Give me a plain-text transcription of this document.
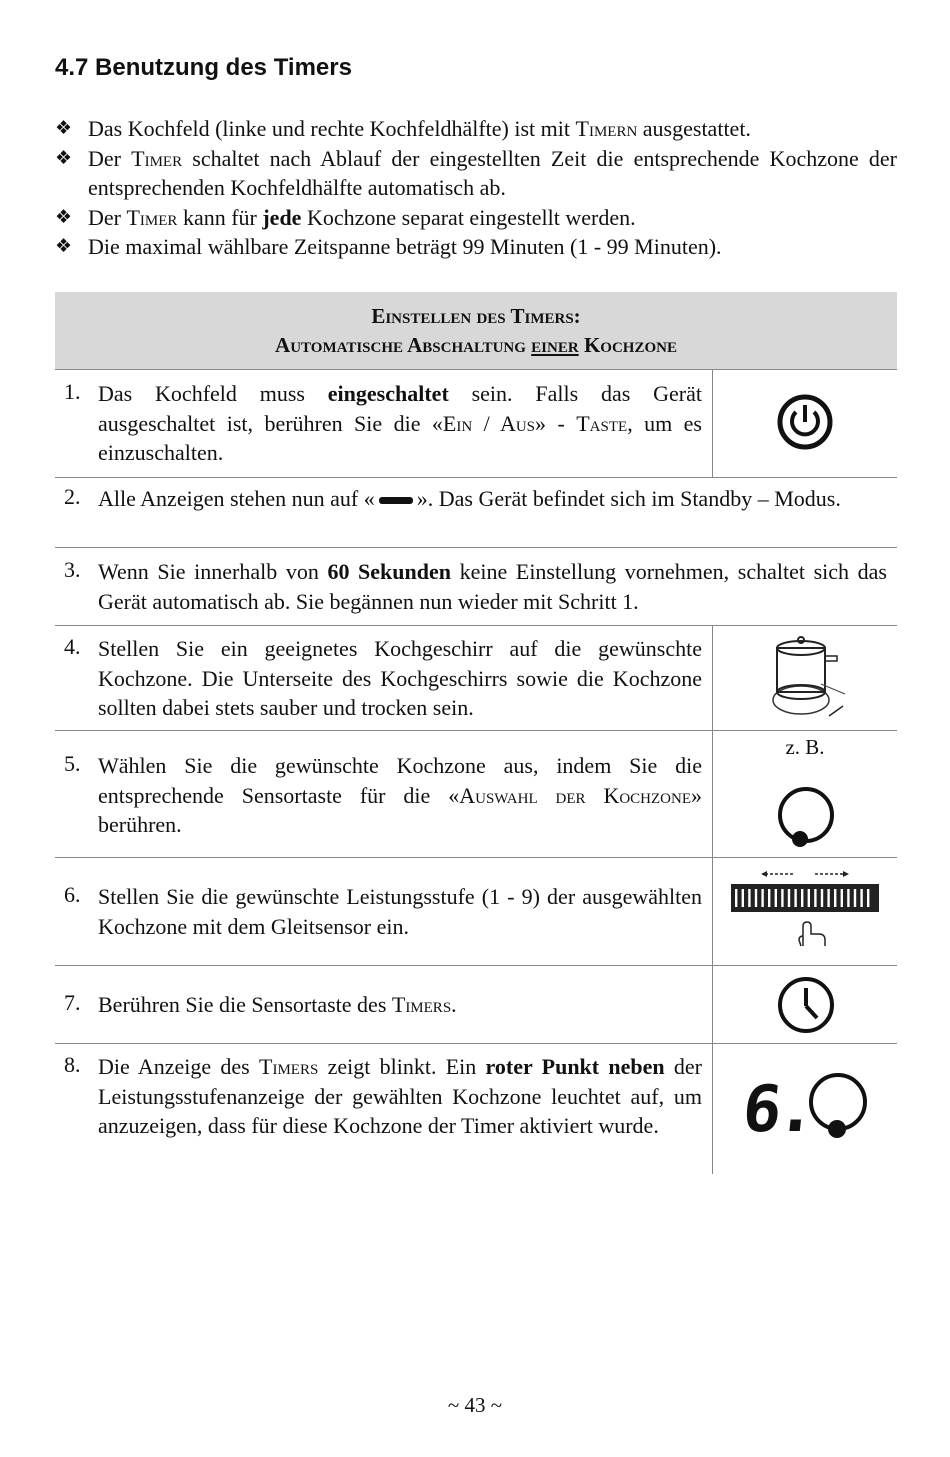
4.7 Benutzung des Timers
❖ Das Kochfeld (linke und rechte Kochfeldhälfte) ist mit Timern ausgestattet.
❖ Der Timer schaltet nach Ablauf der eingestellten Zeit die entsprechende Kochzone der entsprechenden Kochfeldhälfte automatisch ab.
❖ Der Timer kann für jede Kochzone separat eingestellt werden.
❖ Die maximal wählbare Zeitspanne beträgt 99 Minuten (1 - 99 Minuten).
Einstellen des Timers:
Automatische Abschaltung einer Kochzone
1. Das Kochfeld muss eingeschaltet sein. Falls das Gerät ausgeschaltet ist, berühren Sie die «Ein / Aus» - Taste, um es einzuschalten.
2. Alle Anzeigen stehen nun auf « ». Das Gerät befindet sich im Standby – Modus.
3. Wenn Sie innerhalb von 60 Sekunden keine Einstellung vornehmen, schaltet sich das Gerät automatisch ab. Sie begännen nun wieder mit Schritt 1.
4. Stellen Sie ein geeignetes Kochgeschirr auf die gewünschte Kochzone. Die Unterseite des Kochgeschirrs sowie die Kochzone sollten dabei stets sauber und trocken sein.
5. Wählen Sie die gewünschte Kochzone aus, indem Sie die entsprechende Sensortaste für die «Auswahl der Kochzone» berühren.
z. B.
6. Stellen Sie die gewünschte Leistungsstufe (1 - 9) der ausgewählten Kochzone mit dem Gleitsensor ein.
7. Berühren Sie die Sensortaste des Timers.
8. Die Anzeige des Timers zeigt blinkt. Ein roter Punkt neben der Leistungsstufenanzeige der gewählten Kochzone leuchtet auf, um anzuzeigen, dass für diese Kochzone der Timer aktiviert wurde.	6.
~ 43 ~
